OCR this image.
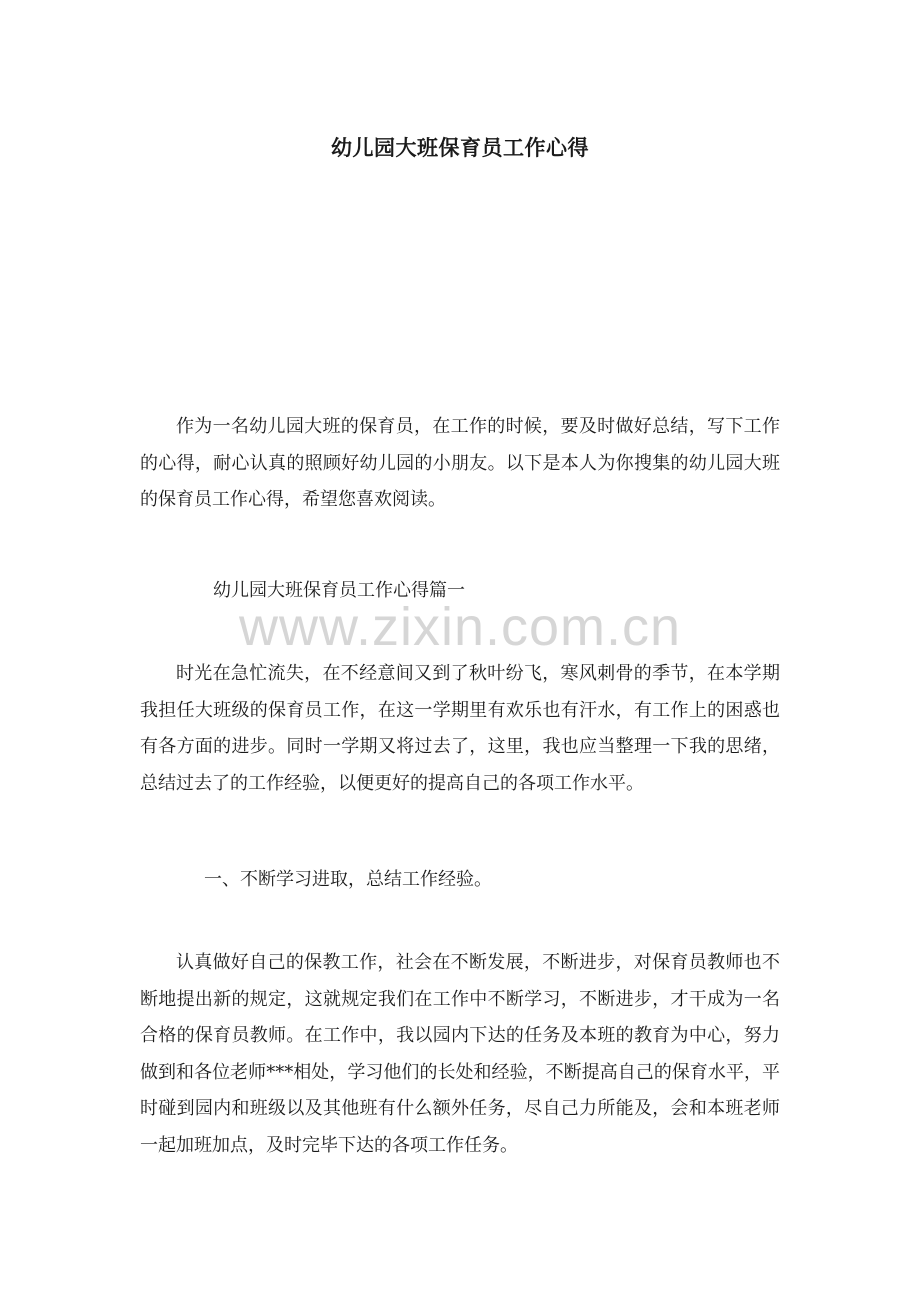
www.zixin.com.cn
幼儿园大班保育员工作心得

作为一名幼儿园大班的保育员，在工作的时候，要及时做好总结，写下工作的心得，耐心认真的照顾好幼儿园的小朋友。以下是本人为你搜集的幼儿园大班的保育员工作心得，希望您喜欢阅读。

幼儿园大班保育员工作心得篇一

时光在急忙流失，在不经意间又到了秋叶纷飞，寒风刺骨的季节，在本学期我担任大班级的保育员工作，在这一学期里有欢乐也有汗水，有工作上的困惑也有各方面的进步。同时一学期又将过去了，这里，我也应当整理一下我的思绪，总结过去了的工作经验，以便更好的提高自己的各项工作水平。

一、不断学习进取，总结工作经验。

认真做好自己的保教工作，社会在不断发展，不断进步，对保育员教师也不断地提出新的规定，这就规定我们在工作中不断学习，不断进步，才干成为一名合格的保育员教师。在工作中，我以园内下达的任务及本班的教育为中心，努力做到和各位老师***相处，学习他们的长处和经验，不断提高自己的保育水平，平时碰到园内和班级以及其他班有什么额外任务，尽自己力所能及，会和本班老师一起加班加点，及时完毕下达的各项工作任务。
